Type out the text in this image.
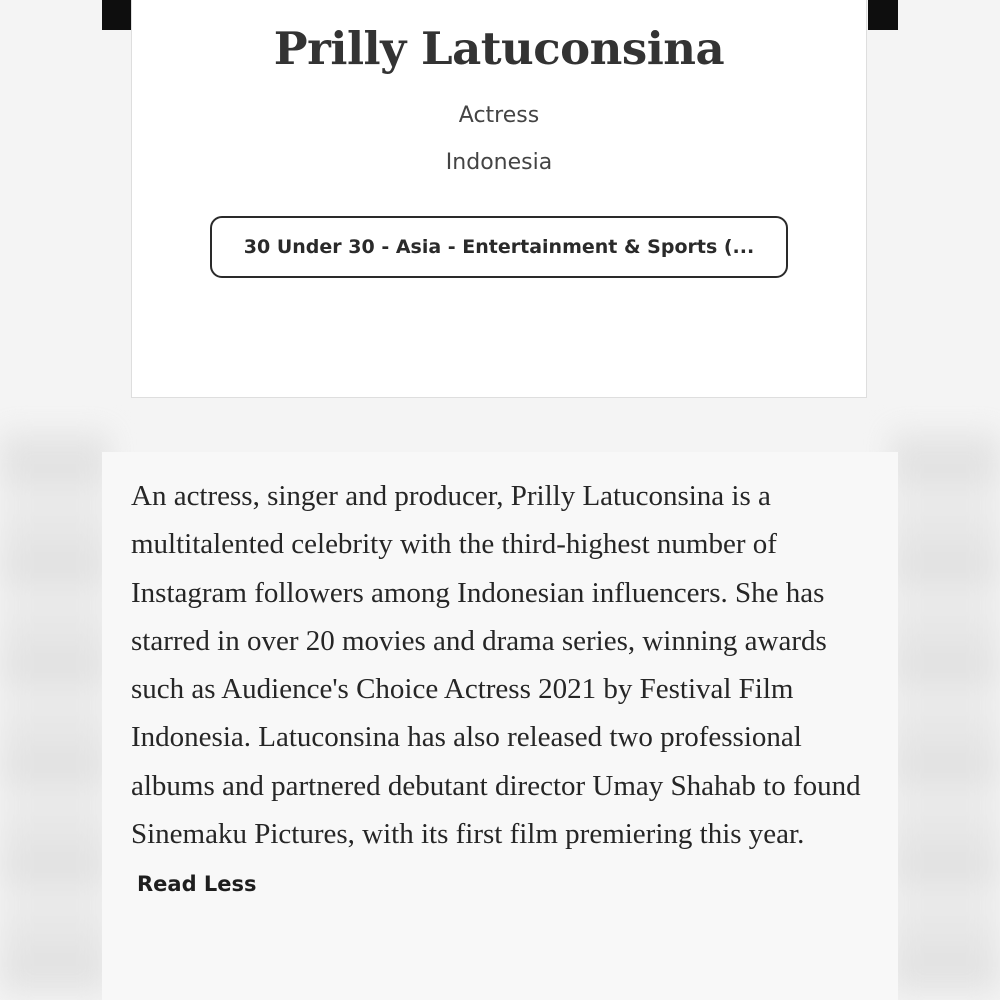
Prilly Latuconsina
Actress
Indonesia
30 Under 30 - Asia - Entertainment & Sports (...

An actress, singer and producer, Prilly Latuconsina is a multitalented celebrity with the third-highest number of Instagram followers among Indonesian influencers. She has starred in over 20 movies and drama series, winning awards such as Audience's Choice Actress 2021 by Festival Film Indonesia. Latuconsina has also released two professional albums and partnered debutant director Umay Shahab to found Sinemaku Pictures, with its first film premiering this year. Read Less
